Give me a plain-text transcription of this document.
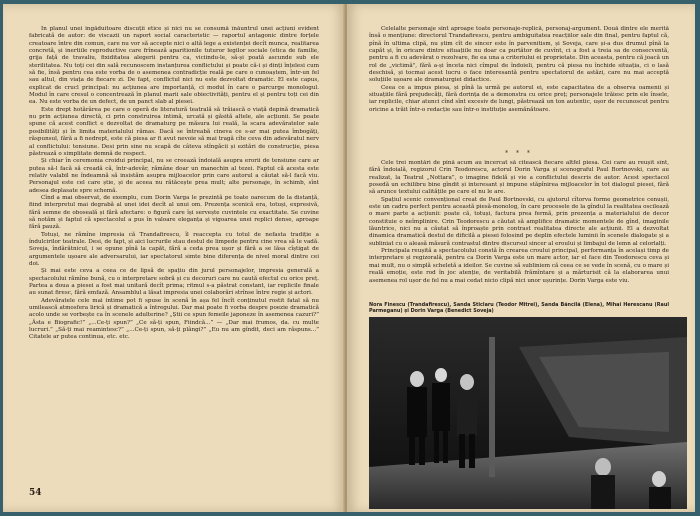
În planul unei îngăduitoare discuții etice și nici nu se consumă înăuntrul unei acțiuni evident fabricată de autor: de viscazii un raport social caracteristic — raportul antagonic dintre forțele creatoare între din comun, care nu vor să accepte nici o altă lege a existenței decît munca, realitarea concretă, și inertiile reproductive care frînează aparitionile tuturor legilor sociale (etica de familie, grija față de travaliu, fixiditatea alegerii pentru ca, viciindu-le, să-și poată ascunde sub ele sterilitatea. Nu toți cei din sală recunoscem instanțurea conflictului și poate că-i și dinți înțelesi cum să fie, însă pentru cea este vorba de o asemenea contradicție reală pe care o cunoaștem, într-un fel sau altul, din viața de fiecare zi. De fapt, conflictul nici nu este dezvoltat dramatic. El este capus, explicat de crucl principal: nu acțiunea are importanță, ci modul în care o parcurge monologul. Modul în care cresul o concentrează în planul marii sale obiectivități, pentru el și pentru toți cei din ea. Nu este vorba de un defect, de un panct slab al piesei.

Este drept hotărârea pe care o operă de literatură teatrală să trăiască o viață depină dramatică nu prin acțiunea directă, ci prin construirea intimă, urcată și găsită altele, ale acțiunii. Se poate spune că acest conflict e dezvoltat de dramaturg pe măsura lui reală, la scara adevăratelor sale posibilități și în limita materialului rămas. Dacă se întreabă cineva ce s-ar mai putea îmbogăți, răspunsul, fără a fi nedrept, este că piesa ar fi avut nevoie să mai tragă cîte ceva din adevăratul nerv al conflictului: tensiune. Desi prin sine nu scapă de câteva stîngăcii și ezitări de construcție, piesa păstrează o simplitate demnă de respect.

Și chiar în ceremonia croidui principal, nu se creeazã îndoială asupra erorii de tensiune care ar putea să-l facă să creadă că, într-adevăr, rămâne doar un manechin al tezei. Faptul că acesta este relativ valabil ne îndeamnă să insistăm asupra mijloacelor prin care autorul a căutat să-l facă viu. Personajul este cel care știe, și de aceea nu rătăcește prea mult; alte personaje, în schimb, sînt adesea deplasate spre schemă.

Cînd a mai observat, de exemplu, cum Dorin Varga le prezintă pe toate oarecum de la distanță, fiind interpretul mai degrabă al unei idei decît al unui om. Prezența scenică era, totuși, expresivă, fără semne de oboseală și fără afectare: o figură care își servește cuvintele cu exactitate. Se cuvine să notăm și faptul că spectacolul a pus în valoare eleganța și vigoarea unei replici dense, aproape fără pauză.

Totuși, ne rămîne impresia că Trandafirescu, îl reaccepta cu totul de nefasta tradiție a îndulcirilor teatrale. Desi, de fapt, și aici lucrurile stau destul de limpede pentru cine vrea să le vadă. Soveja, îndărătnicul, i se opune pînă la capăt, fără a ceda prea ușor și fără a se lăsa cîștigat de argumentele ușoare ale adversarului, iar spectatorul simte bine diferența de nivel moral dintre cei doi.

Și mai este ceva a ceea ce de lipsă de spațiu din jurul personajelor, impresia generală a spectacolului rămîne bună, cu o interpretare sobră și cu decoruri care nu caută efectul cu orice preț. Partea a doua a piesei a fost mai unitară decît prima; ritmul s-a păstrat constant, iar replicile finale au sunat firesc, fără emfază. Ansamblul a lăsat impresia unei colaborări strînse între regie și actori.

Adevăratele cele mai intime pot fi spuse în scenă în așa fel încît conținutul rostit fatal să nu umilească atmosfera lirică și dramatică a întregului. Dar mai poate fi vorba despre poezie dramatică acolo unde se vorbește ca în scenele adulterine? „Știi ce spun femeile japoneze în asemenea cazuri?” „Ăsta e Biografic!” „...Ce-ți spun?” „Ce să-ți spun, Fiindcă...” — „Dar mai frumos, da. cu multe lucruri.” „Să-ți mai reamintesc?” „...Ce-ți spun, să-ți plângi?” „Eu nu am gîndit, deci am răspuns...” Citatele ar putea continua, etc. etc.

54

Celelalte personaje sînt aproape toate personaje-replică, personaj-argument. Două dintre ele merită însă o mențiune: directorul Trandafirescu, pentru ambiguitatea reacțiilor sale din final, pentru faptul că, pînă în ultima clipă, nu știm cît de sincer este în parvenitism, și Soveja, care și-a dus drumul pînă la capăt și, în oricare dintre situațiile nu doar ca purtător de cuvînt, ci a fost a treia sa de consecventă, pentru a fi cu adevărat o rezolvare, fie ea una a criteriului ei proprietate. Din aceasta, pentru că joacă un rol de „victimă", fără a-și înceta nici cîmpul de îndoieli, pentru că piesa nu închide situația, ci o lasă deschisă, și tocmai acest lucru o face interesantă pentru spectatorul de astăzi, care nu mai acceptă soluțiile ușoare ale dramaturgiei didactice.

Ceea ce a impus piesa, și pînă la urmă pe autorul ei, este capacitatea de a observa oamenii și situațiile fără prejudecăți, fără dorința de a demonstra cu orice preț; personajele trăiesc prin ele însele, iar replicile, chiar atunci cînd sînt excesiv de lungi, păstrează un ton autentic, ușor de recunoscut pentru oricine a trăit într-o redacție sau într-o instituție asemănătoare.

* * *

Cele trei montări de pînă acum au încercat să citească fiecare altfel piesa. Cei care au reușit sînt, fără îndoială, regizorul Crin Teodorescu, actorul Dorin Varga și scenograful Paul Bortnovski, care au realizat, la Teatrul „Nottara”, o imagine fidelă și vie a conflictului descris de autor. Acest spectacol posedă un echilibru bine gîndit și interesant și impune stăpînirea mijloacelor în tot dialogul piesei, fără să arunce textului calitățile pe care el nu le are.

Spațiul scenic convențional creat de Paul Bortnovski, cu ajutorul cîtorva forme geometrice cenușii, este un cadru perfect pentru această piesă-monolog, în care procesele de la gîndul la realitatea oscilează o mare parte a acțiunii: poate că, totuși, factura prea fermă, prin prezența a materialului de decor constituie o neîmplinire. Crin Teodorescu a căutat să amplifice dramatic momentele de gînd, imaginile lăuntrice, nici nu a căutat să înproaște prin contrast realitatea directe ale acțiunii. El a dezvoltat dinamica dramatică destul de dificilă a piesei folosind pe deplin efectele luminii în scenele dialogate și a subliniat cu o aleasă măsură contrastul dintre discursul sincer al eroului și limbajul de lemn al celorlalți.

Principala reușită a spectacolului constă în crearea croului principal, performanța în același timp de interpretare și regizorală, pentru ca Dorin Varga este un mare actor, iar el face din Teodorescu ceva și mai mult, nu o simplă scheletă a ideilor. Se cuvine să subliniem că ceea ce se vede în scenă, cu o mare și reală emoție, este rod în joc atenție, de veritabilă frămîntare și a mărturisit că la elaborarea unui asemenea rol ușor de fel nu a mai cedat nicio clipă nici unor ușurințe. Dorin Varga este viu.

Nora Finescu (Trandafirescu), Sanda Sticlaru (Teodor Mitrei), Sanda Băncilă (Elena), Mihai Herescanu (Raul Parmeganu) și Dorin Varga (Benedict Soveja)
